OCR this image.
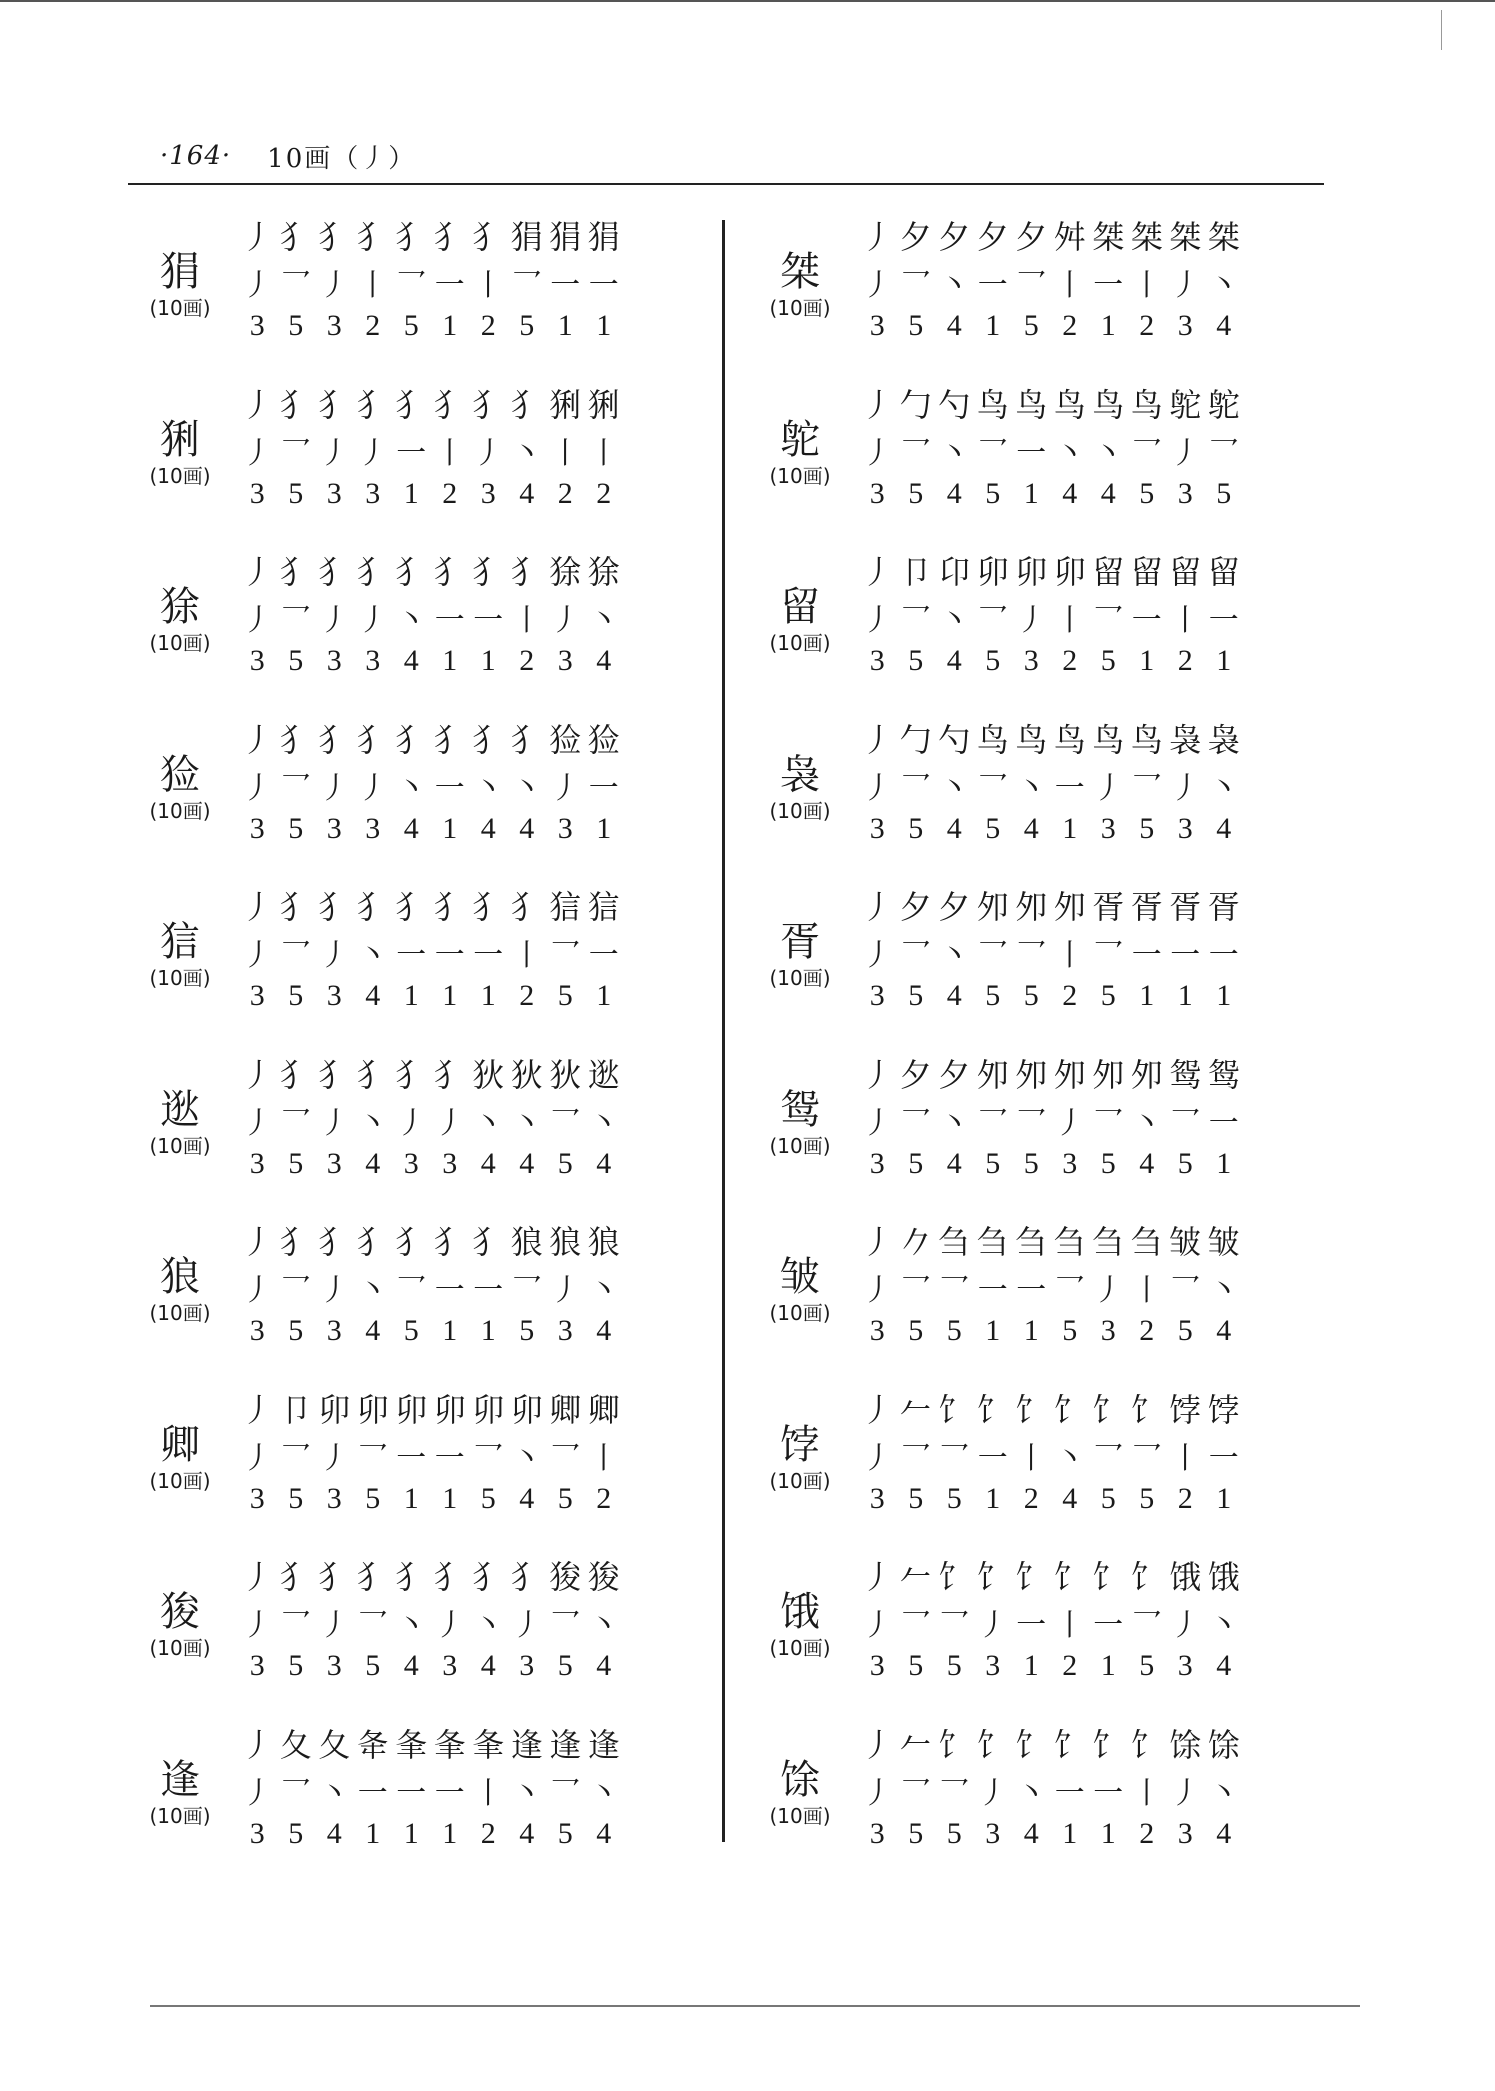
·164· 10画（丿）
狷
(10画)
丿 犭 犭 犭 犭 犭 犭 狷 狷 狷
丿 乛 丿 丨 乛 一 丨 乛 一 一
3 5 3 2 5 1 2 5 1 1
猁
(10画)
丿 犭 犭 犭 犭 犭 犭 犭 猁 猁
丿 乛 丿 丿 一 丨 丿 丶 丨 丨
3 5 3 3 1 2 3 4 2 2
狳
(10画)
丿 犭 犭 犭 犭 犭 犭 犭 狳 狳
丿 乛 丿 丿 丶 一 一 丨 丿 丶
3 5 3 3 4 1 1 2 3 4
猃
(10画)
丿 犭 犭 犭 犭 犭 犭 犭 猃 猃
丿 乛 丿 丿 丶 一 丶 丶 丿 一
3 5 3 3 4 1 4 4 3 1
狺
(10画)
丿 犭 犭 犭 犭 犭 犭 犭 狺 狺
丿 乛 丿 丶 一 一 一 丨 乛 一
3 5 3 4 1 1 1 2 5 1
逖
(10画)
丿 犭 犭 犭 犭 犭 狄 狄 狄 逖
丿 乛 丿 丶 丿 丿 丶 丶 乛 丶
3 5 3 4 3 3 4 4 5 4
狼
(10画)
丿 犭 犭 犭 犭 犭 犭 狼 狼 狼
丿 乛 丿 丶 乛 一 一 乛 丿 丶
3 5 3 4 5 1 1 5 3 4
卿
(10画)
丿 卩 卯 卯 卯 卯 卯 卯 卿 卿
丿 乛 丿 乛 一 一 乛 丶 乛 丨
3 5 3 5 1 1 5 4 5 2
狻
(10画)
丿 犭 犭 犭 犭 犭 犭 犭 狻 狻
丿 乛 丿 乛 丶 丿 丶 丿 乛 丶
3 5 3 5 4 3 4 3 5 4
逢
(10画)
丿 夂 夂 夅 夆 夆 夆 逢 逢 逢
丿 乛 丶 一 一 一 丨 丶 乛 丶
3 5 4 1 1 1 2 4 5 4
桀
(10画)
丿 夕 夕 夕 夕 舛 桀 桀 桀 桀
丿 乛 丶 一 乛 丨 一 丨 丿 丶
3 5 4 1 5 2 1 2 3 4
鸵
(10画)
丿 勹 勺 鸟 鸟 鸟 鸟 鸟 鸵 鸵
丿 乛 丶 乛 一 丶 丶 乛 丿 乛
3 5 4 5 1 4 4 5 3 5
留
(10画)
丿 卩 卬 卯 卯 卯 留 留 留 留
丿 乛 丶 乛 丿 丨 乛 一 丨 一
3 5 4 5 3 2 5 1 2 1
袅
(10画)
丿 勹 勺 鸟 鸟 鸟 鸟 鸟 袅 袅
丿 乛 丶 乛 丶 一 丿 乛 丿 丶
3 5 4 5 4 1 3 5 3 4
胥
(10画)
丿 夕 夕 夘 夘 夘 胥 胥 胥 胥
丿 乛 丶 乛 乛 丨 乛 一 一 一
3 5 4 5 5 2 5 1 1 1
鸳
(10画)
丿 夕 夕 夘 夘 夘 夘 夘 鸳 鸳
丿 乛 丶 乛 乛 丿 乛 丶 乛 一
3 5 4 5 5 3 5 4 5 1
皱
(10画)
丿 𠂊 刍 刍 刍 刍 刍 刍 皱 皱
丿 乛 乛 一 一 乛 丿 丨 乛 丶
3 5 5 1 1 5 3 2 5 4
饽
(10画)
丿 𠂉 饣 饣 饣 饣 饣 饣 饽 饽
丿 乛 乛 一 丨 丶 乛 乛 丨 一
3 5 5 1 2 4 5 5 2 1
饿
(10画)
丿 𠂉 饣 饣 饣 饣 饣 饣 饿 饿
丿 乛 乛 丿 一 丨 一 乛 丿 丶
3 5 5 3 1 2 1 5 3 4
馀
(10画)
丿 𠂉 饣 饣 饣 饣 饣 饣 馀 馀
丿 乛 乛 丿 丶 一 一 丨 丿 丶
3 5 5 3 4 1 1 2 3 4
